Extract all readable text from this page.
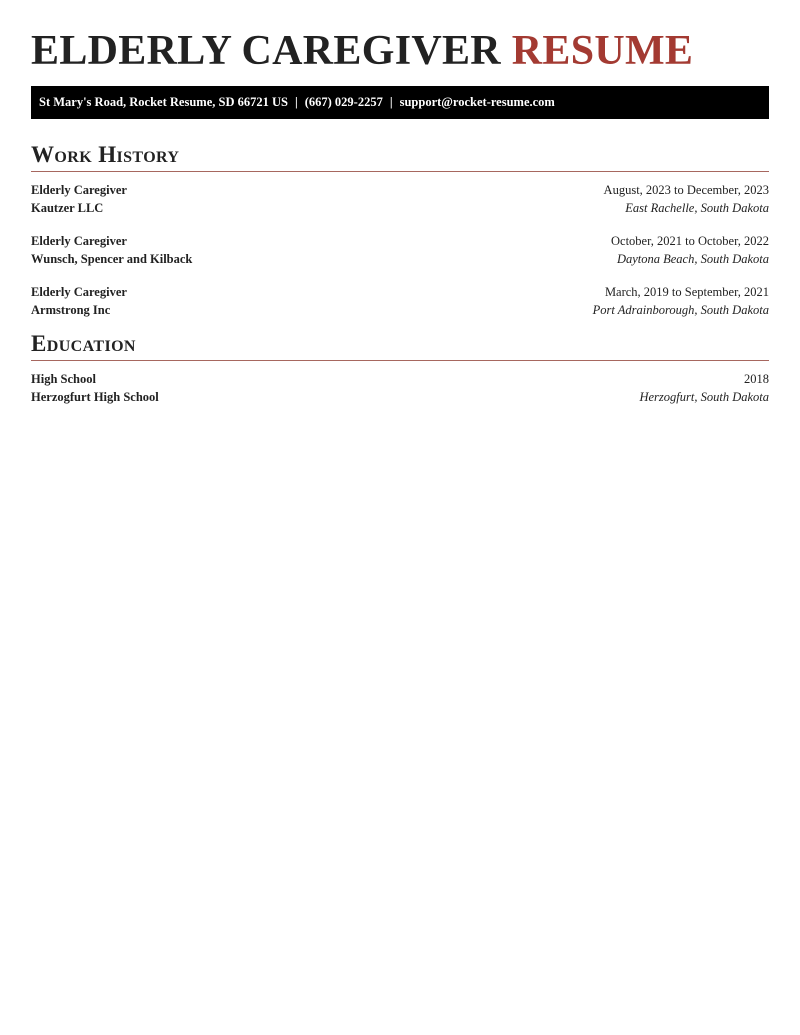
ELDERLY CAREGIVER RESUME
St Mary's Road, Rocket Resume, SD 66721 US | (667) 029-2257 | support@rocket-resume.com
Work History
Elderly Caregiver	August, 2023 to December, 2023
Kautzer LLC	East Rachelle, South Dakota
Elderly Caregiver	October, 2021 to October, 2022
Wunsch, Spencer and Kilback	Daytona Beach, South Dakota
Elderly Caregiver	March, 2019 to September, 2021
Armstrong Inc	Port Adrainborough, South Dakota
Education
High School	2018
Herzogfurt High School	Herzogfurt, South Dakota
